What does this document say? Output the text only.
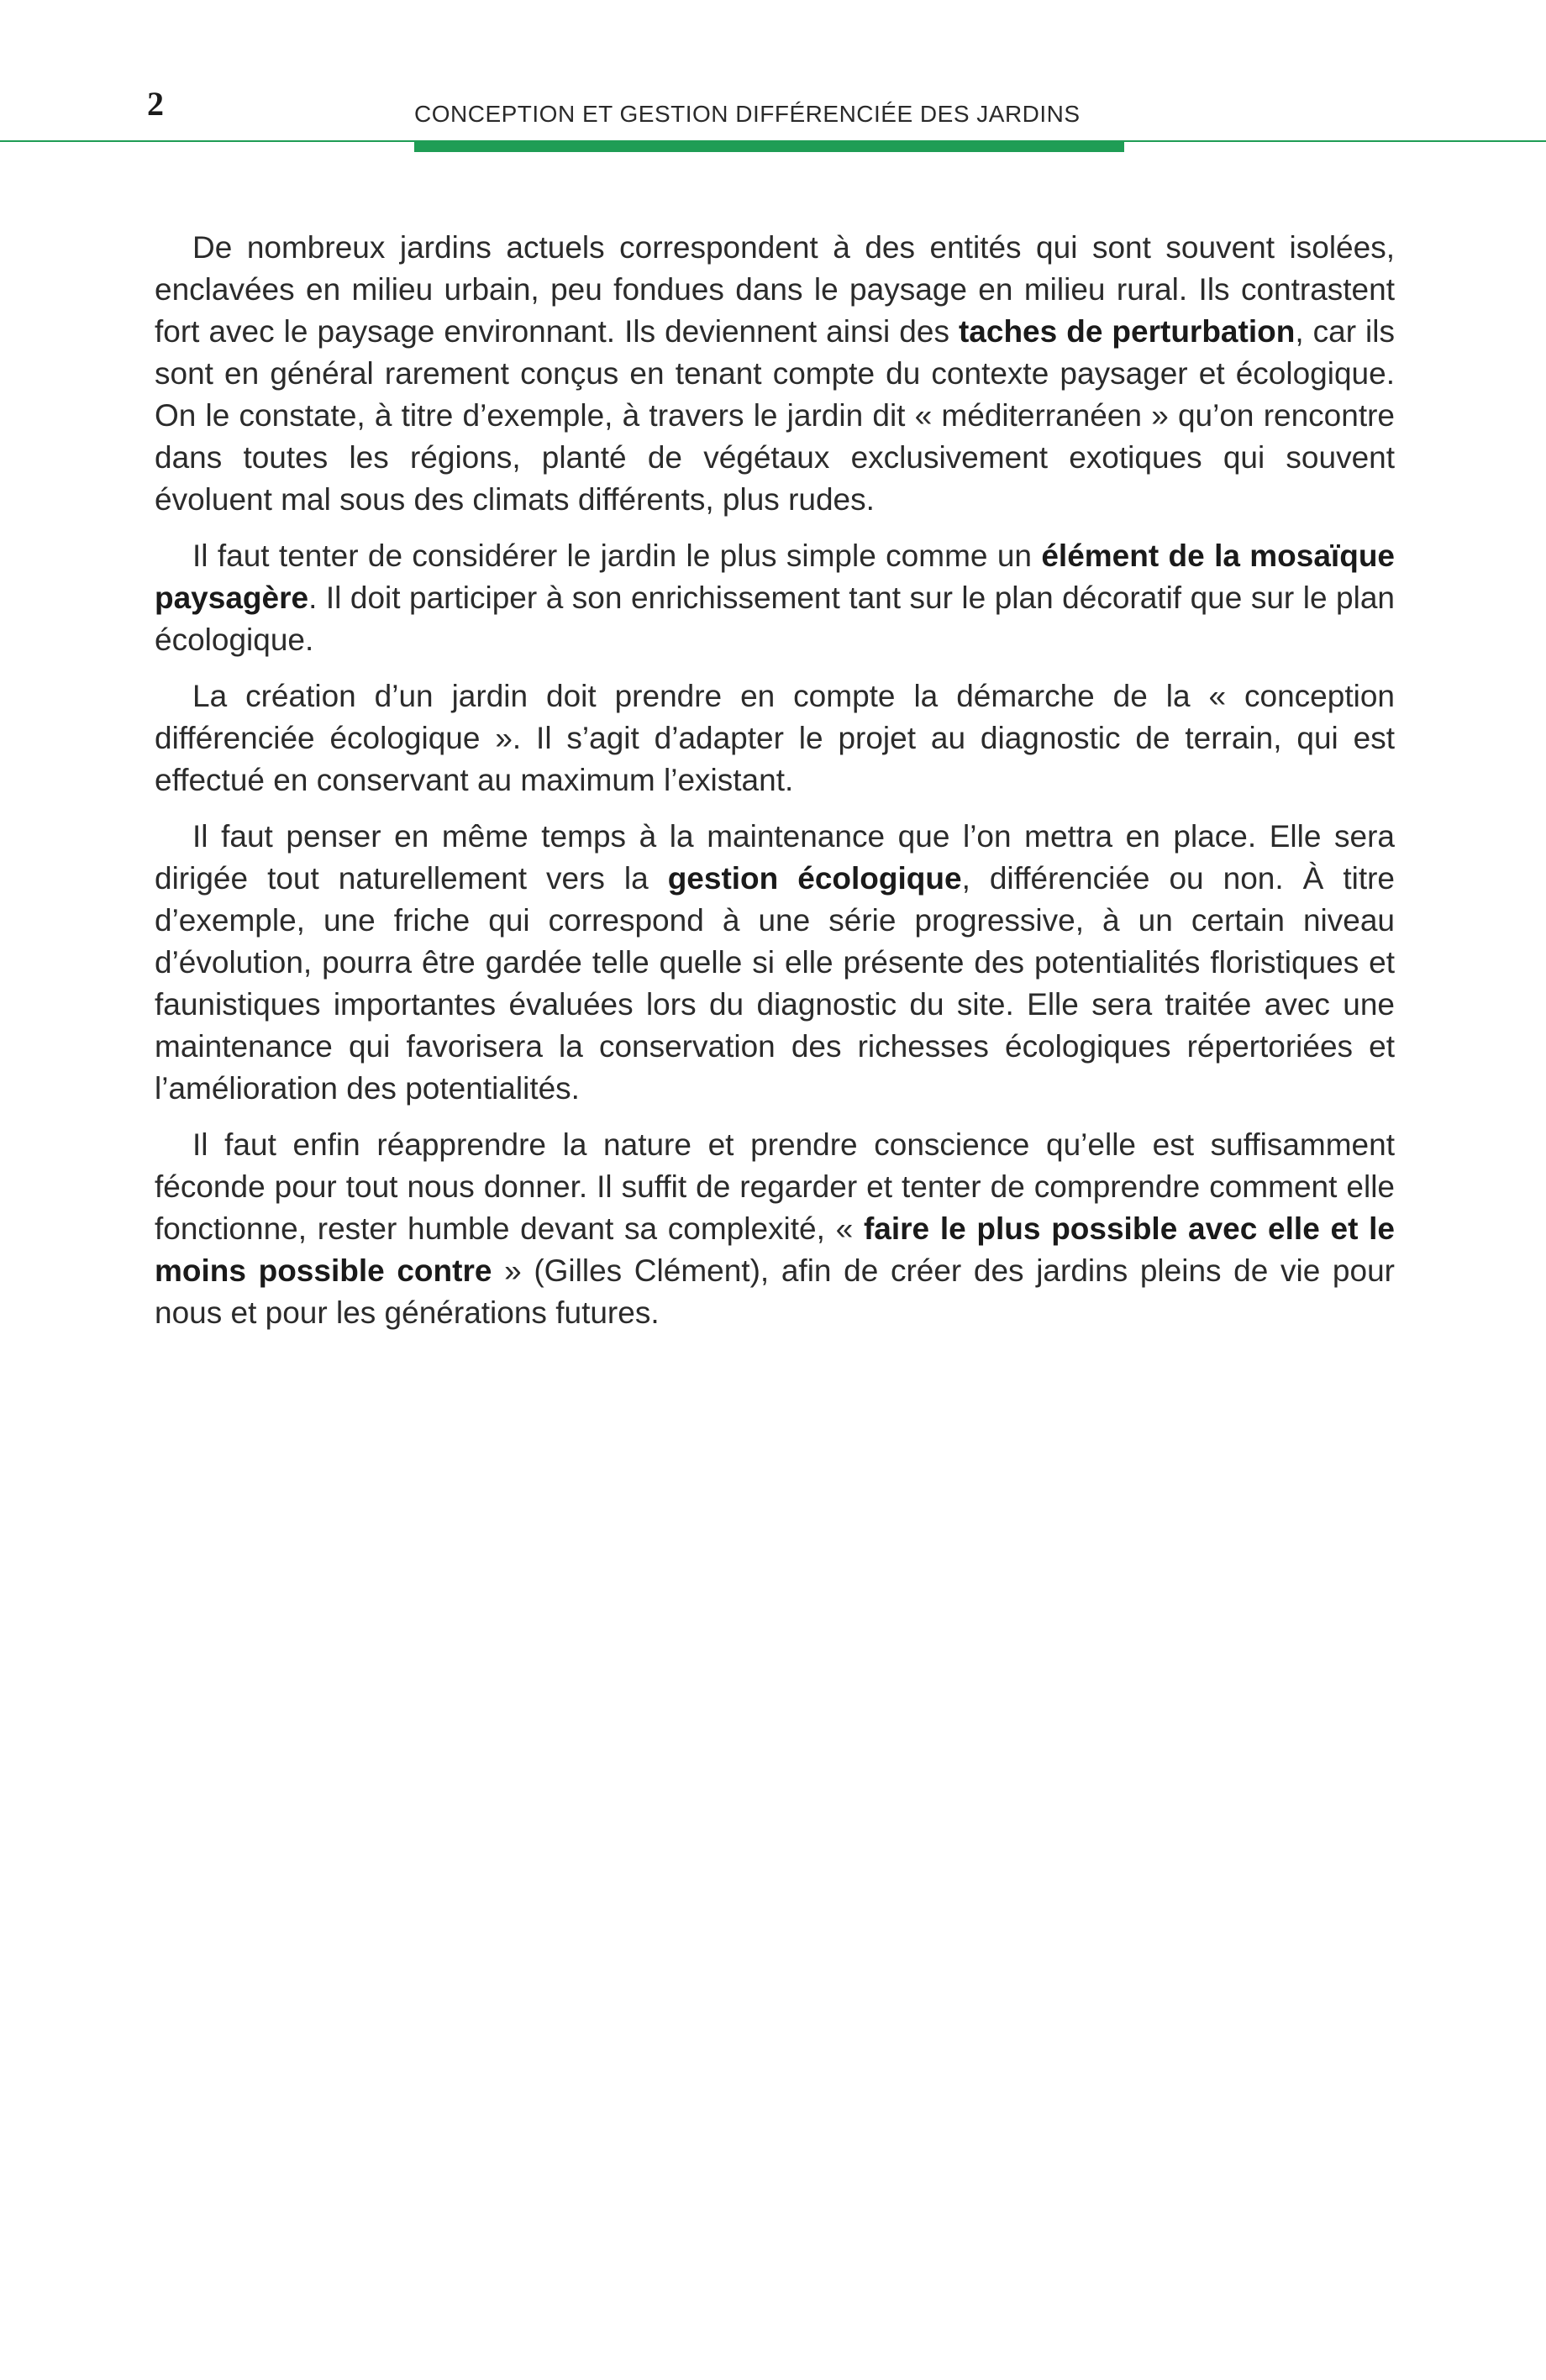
2	CONCEPTION ET GESTION DIFFÉRENCIÉE DES JARDINS

De nombreux jardins actuels correspondent à des entités qui sont souvent isolées, enclavées en milieu urbain, peu fondues dans le paysage en milieu rural. Ils contrastent fort avec le paysage environnant. Ils deviennent ainsi des taches de perturbation, car ils sont en général rarement conçus en tenant compte du contexte paysager et écologique. On le constate, à titre d’exemple, à travers le jardin dit « méditerranéen » qu’on rencontre dans toutes les régions, planté de végétaux exclusivement exotiques qui souvent évoluent mal sous des climats différents, plus rudes.

Il faut tenter de considérer le jardin le plus simple comme un élément de la mosaïque paysagère. Il doit participer à son enrichissement tant sur le plan décoratif que sur le plan écologique.

La création d’un jardin doit prendre en compte la démarche de la « conception différenciée écologique ». Il s’agit d’adapter le projet au diagnostic de terrain, qui est effectué en conservant au maximum l’existant.

Il faut penser en même temps à la maintenance que l’on mettra en place. Elle sera dirigée tout naturellement vers la gestion écologique, différenciée ou non. À titre d’exemple, une friche qui correspond à une série progressive, à un certain niveau d’évolution, pourra être gardée telle quelle si elle présente des potentialités floristiques et faunistiques importantes évaluées lors du diagnostic du site. Elle sera traitée avec une maintenance qui favorisera la conservation des richesses écologiques répertoriées et l’amélioration des potentialités.

Il faut enfin réapprendre la nature et prendre conscience qu’elle est suffisamment féconde pour tout nous donner. Il suffit de regarder et tenter de comprendre comment elle fonctionne, rester humble devant sa complexité, « faire le plus possible avec elle et le moins possible contre » (Gilles Clément), afin de créer des jardins pleins de vie pour nous et pour les générations futures.
